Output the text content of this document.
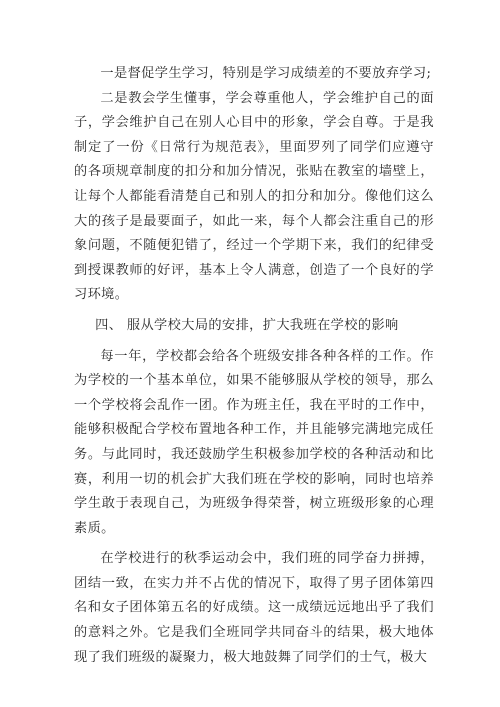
一是督促学生学习，特别是学习成绩差的不要放弃学习;

二是教会学生懂事，学会尊重他人，学会维护自己的面子，学会维护自己在别人心目中的形象，学会自尊。于是我制定了一份《日常行为规范表》，里面罗列了同学们应遵守的各项规章制度的扣分和加分情况，张贴在教室的墙壁上，让每个人都能看清楚自己和别人的扣分和加分。像他们这么大的孩子是最要面子，如此一来，每个人都会注重自己的形象问题，不随便犯错了，经过一个学期下来，我们的纪律受到授课教师的好评，基本上令人满意，创造了一个良好的学习环境。

四、 服从学校大局的安排，扩大我班在学校的影响

每一年，学校都会给各个班级安排各种各样的工作。作为学校的一个基本单位，如果不能够服从学校的领导，那么一个学校将会乱作一团。作为班主任，我在平时的工作中，能够积极配合学校布置地各种工作，并且能够完满地完成任务。与此同时，我还鼓励学生积极参加学校的各种活动和比赛，利用一切的机会扩大我们班在学校的影响，同时也培养学生敢于表现自己，为班级争得荣誉，树立班级形象的心理素质。

在学校进行的秋季运动会中，我们班的同学奋力拼搏，团结一致，在实力并不占优的情况下，取得了男子团体第四名和女子团体第五名的好成绩。这一成绩远远地出乎了我们的意料之外。它是我们全班同学共同奋斗的结果，极大地体现了我们班级的凝聚力，极大地鼓舞了同学们的士气，极大
